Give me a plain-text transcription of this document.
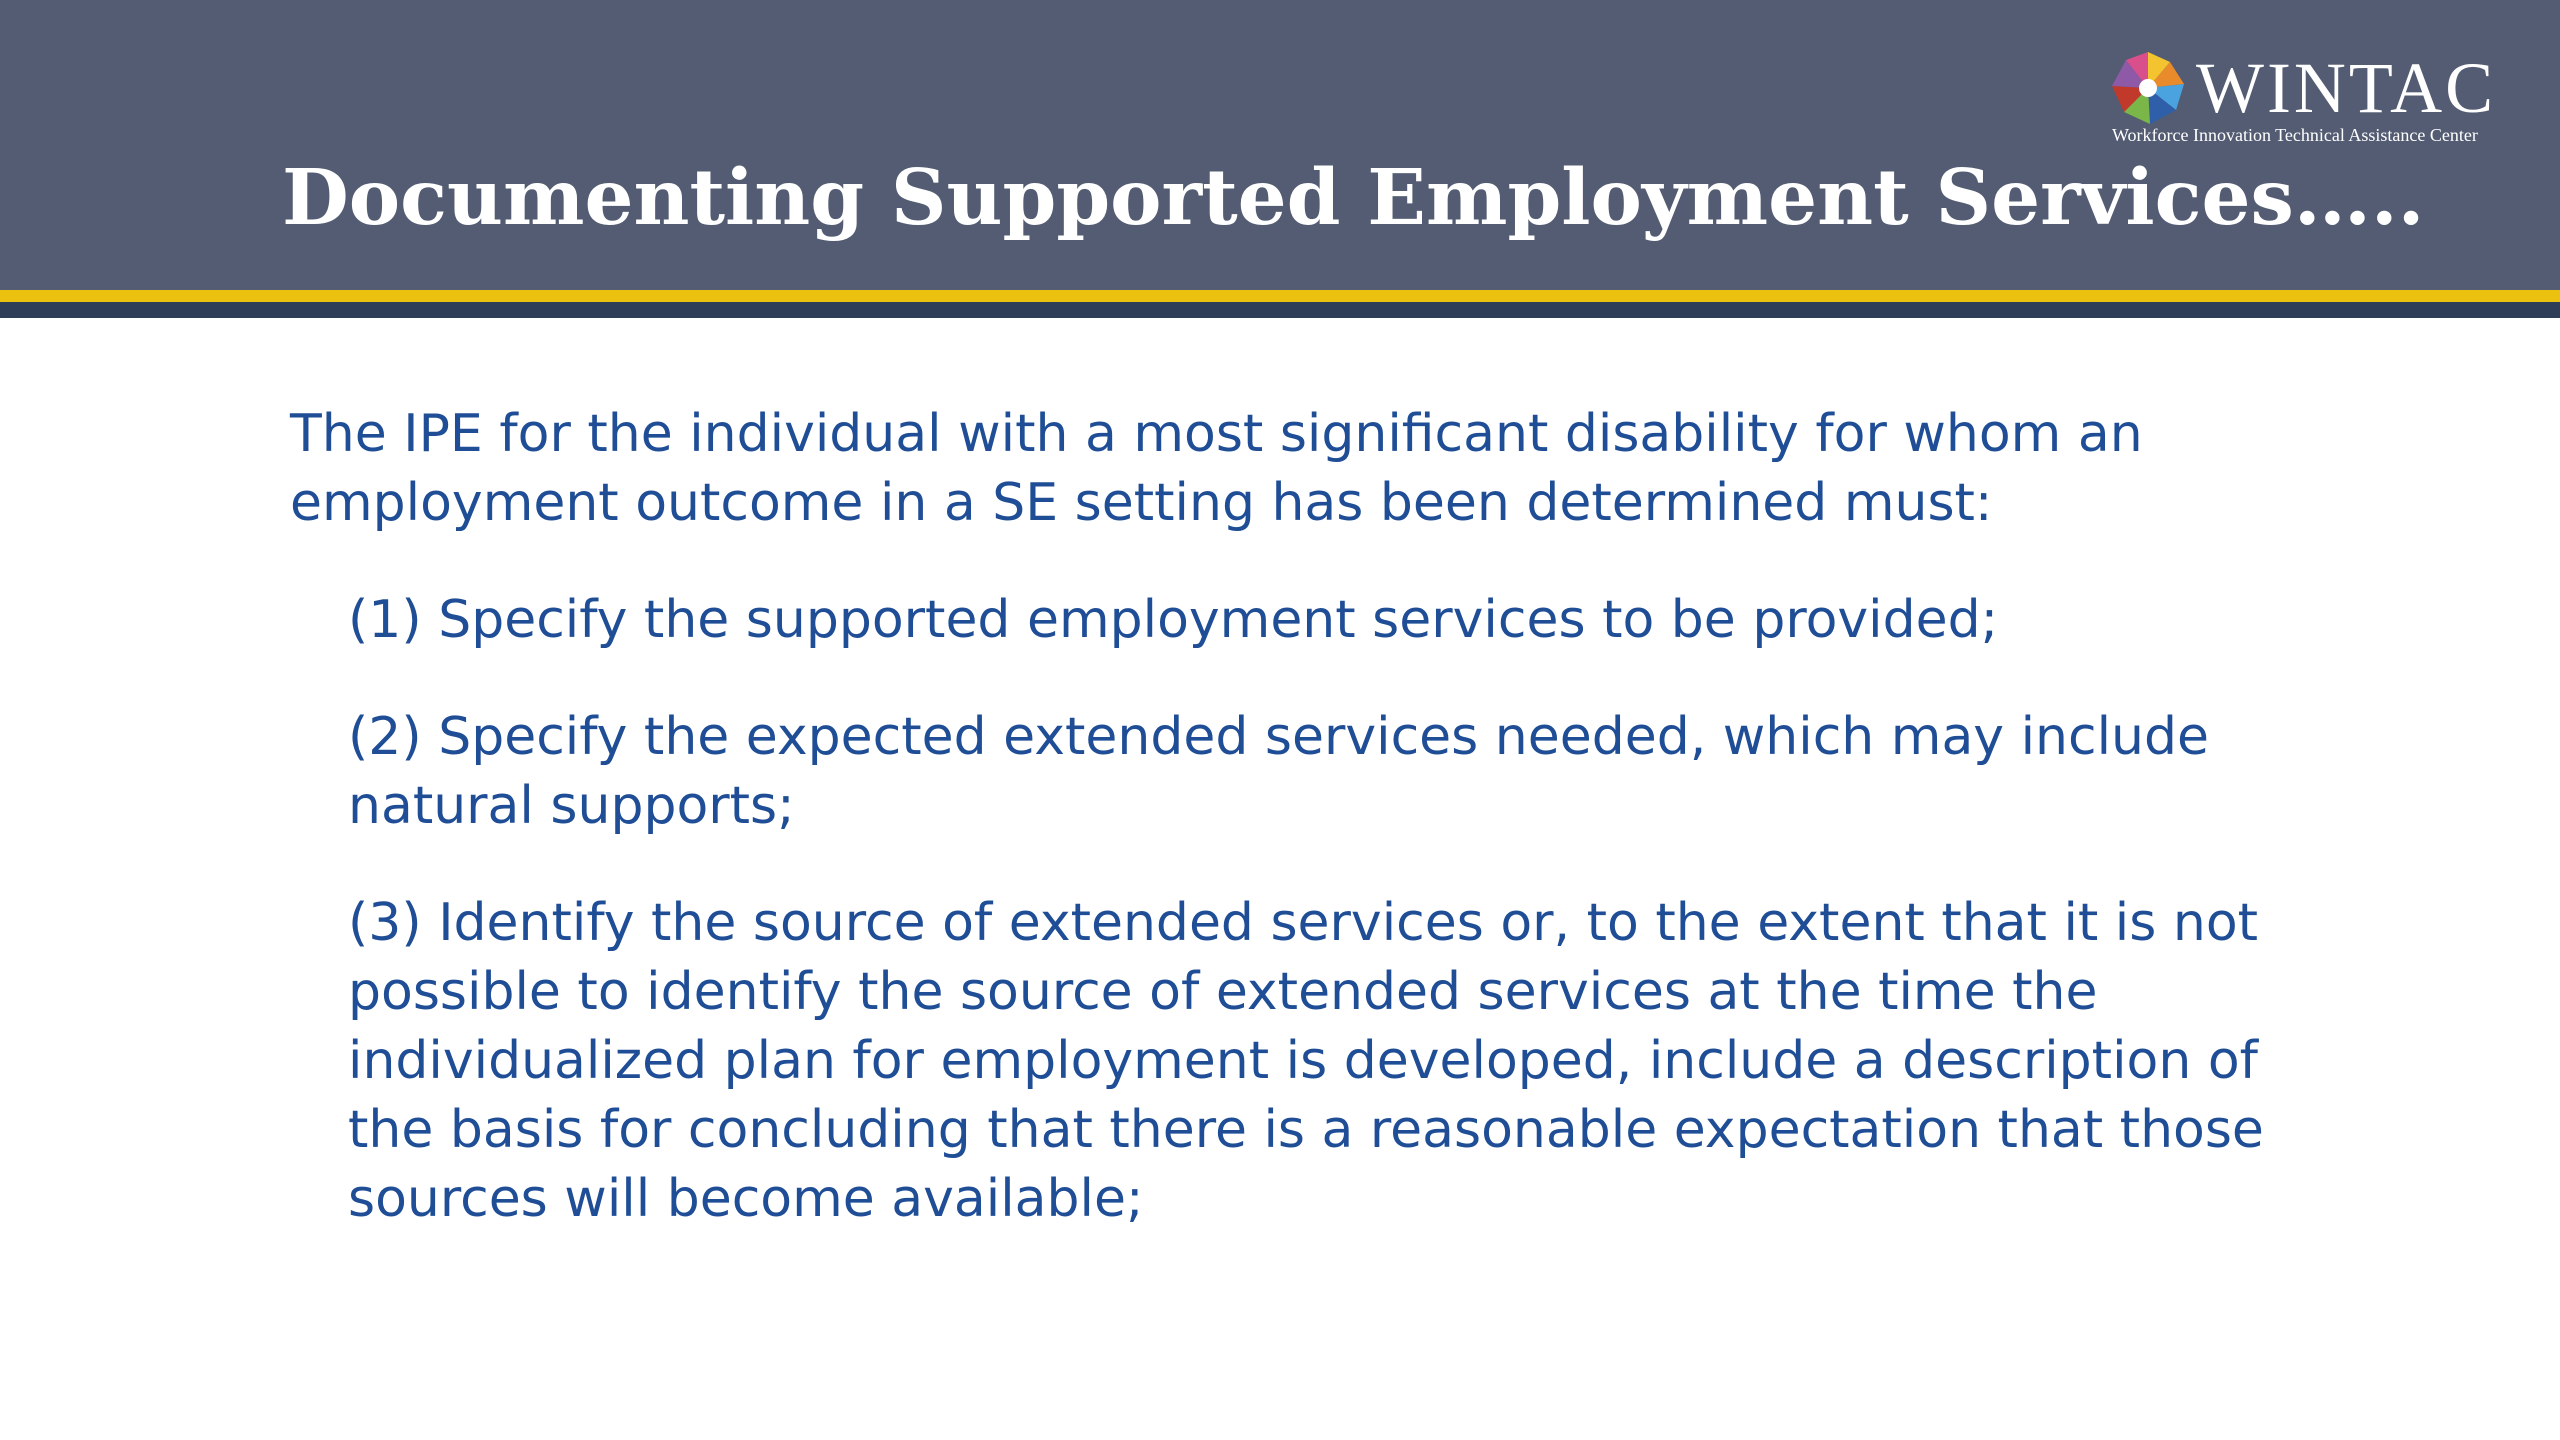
WINTAC
Workforce Innovation Technical Assistance Center
Documenting Supported Employment Services…..

The IPE for the individual with a most significant disability for whom an employment outcome in a SE setting has been determined must:

(1) Specify the supported employment services to be provided;

(2) Specify the expected extended services needed, which may include natural supports;

(3) Identify the source of extended services or, to the extent that it is not possible to identify the source of extended services at the time the individualized plan for employment is developed, include a description of the basis for concluding that there is a reasonable expectation that those sources will become available;
